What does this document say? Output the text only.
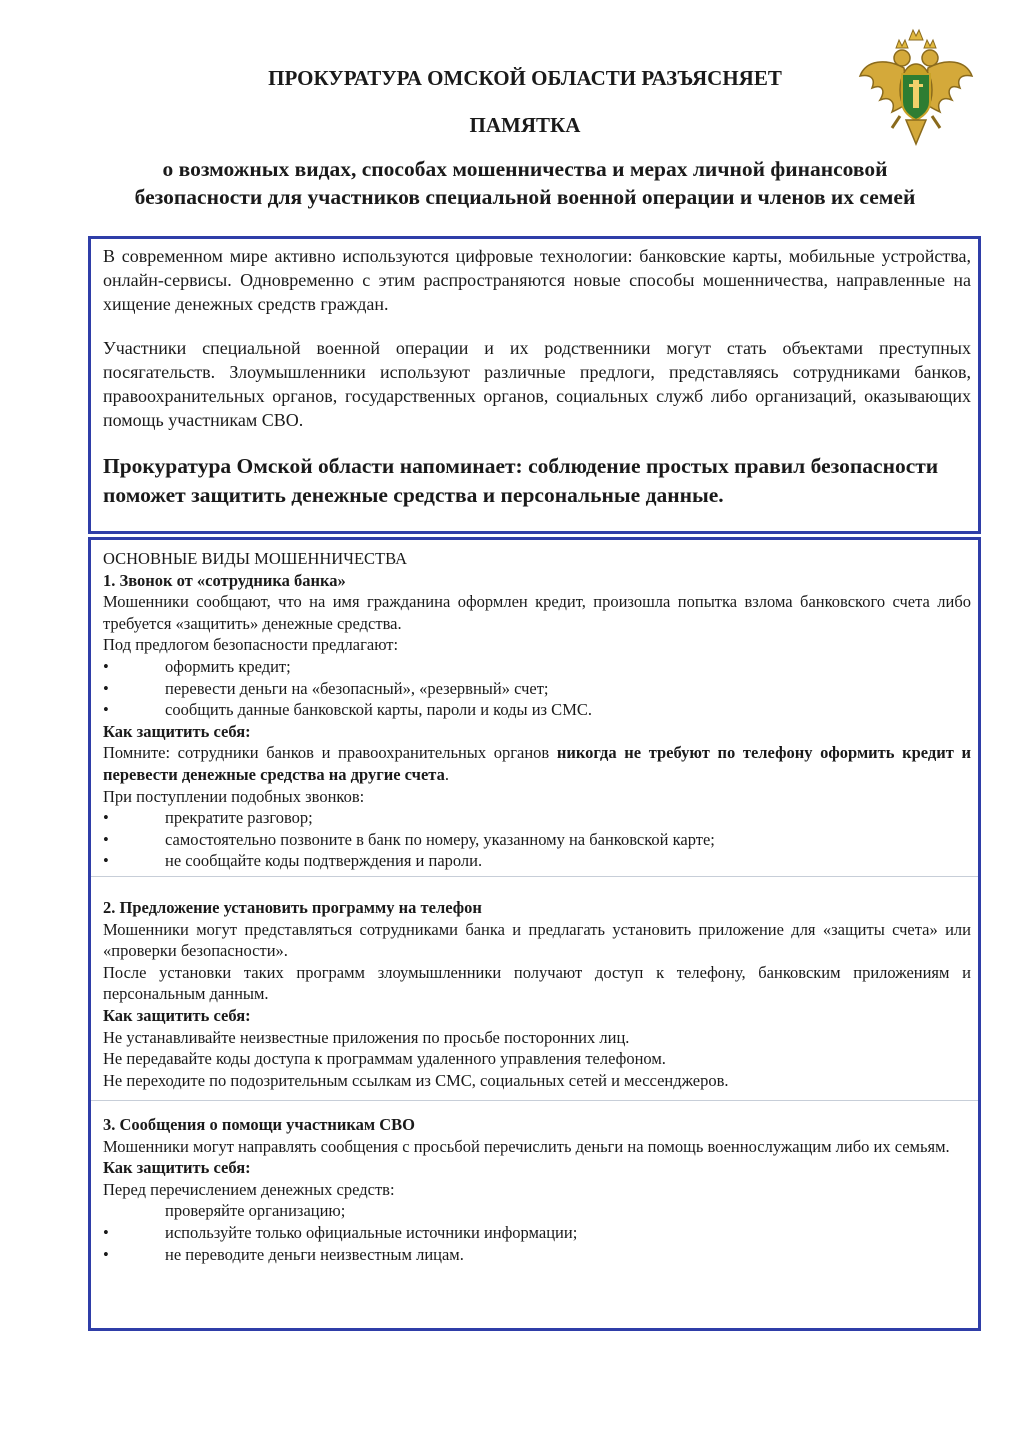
ПРОКУРАТУРА ОМСКОЙ ОБЛАСТИ РАЗЪЯСНЯЕТ

ПАМЯТКА

о возможных видах, способах мошенничества и мерах личной финансовой
безопасности для участников специальной военной операции и членов их семей

В современном мире активно используются цифровые технологии: банковские карты, мобильные устройства, онлайн-сервисы. Одновременно с этим распространяются новые способы мошенничества, направленные на хищение денежных средств граждан.

Участники специальной военной операции и их родственники могут стать объектами преступных посягательств. Злоумышленники используют различные предлоги, представляясь сотрудниками банков, правоохранительных органов, государственных органов, социальных служб либо организаций, оказывающих помощь участникам СВО.

Прокуратура Омской области напоминает: соблюдение простых правил безопасности поможет защитить денежные средства и персональные данные.

ОСНОВНЫЕ ВИДЫ МОШЕННИЧЕСТВА

1. Звонок от «сотрудника банка»

Мошенники сообщают, что на имя гражданина оформлен кредит, произошла попытка взлома банковского счета либо требуется «защитить» денежные средства.

Под предлогом безопасности предлагают:

•	оформить кредит;
•	перевести деньги на «безопасный», «резервный» счет;
•	сообщить данные банковской карты, пароли и коды из СМС.

Как защитить себя:

Помните: сотрудники банков и правоохранительных органов никогда не требуют по телефону оформить кредит и перевести денежные средства на другие счета.

При поступлении подобных звонков:

•	прекратите разговор;
•	самостоятельно позвоните в банк по номеру, указанному на банковской карте;
•	не сообщайте коды подтверждения и пароли.

2. Предложение установить программу на телефон

Мошенники могут представляться сотрудниками банка и предлагать установить приложение для «защиты счета» или «проверки безопасности».

После установки таких программ злоумышленники получают доступ к телефону, банковским приложениям и персональным данным.

Как защитить себя:

Не устанавливайте неизвестные приложения по просьбе посторонних лиц.

Не передавайте коды доступа к программам удаленного управления телефоном.

Не переходите по подозрительным ссылкам из СМС, социальных сетей и мессенджеров.

3. Сообщения о помощи участникам СВО

Мошенники могут направлять сообщения с просьбой перечислить деньги на помощь военнослужащим либо их семьям.

Как защитить себя:

Перед перечислением денежных средств:

проверяйте организацию;
•	используйте только официальные источники информации;
•	не переводите деньги неизвестным лицам.
